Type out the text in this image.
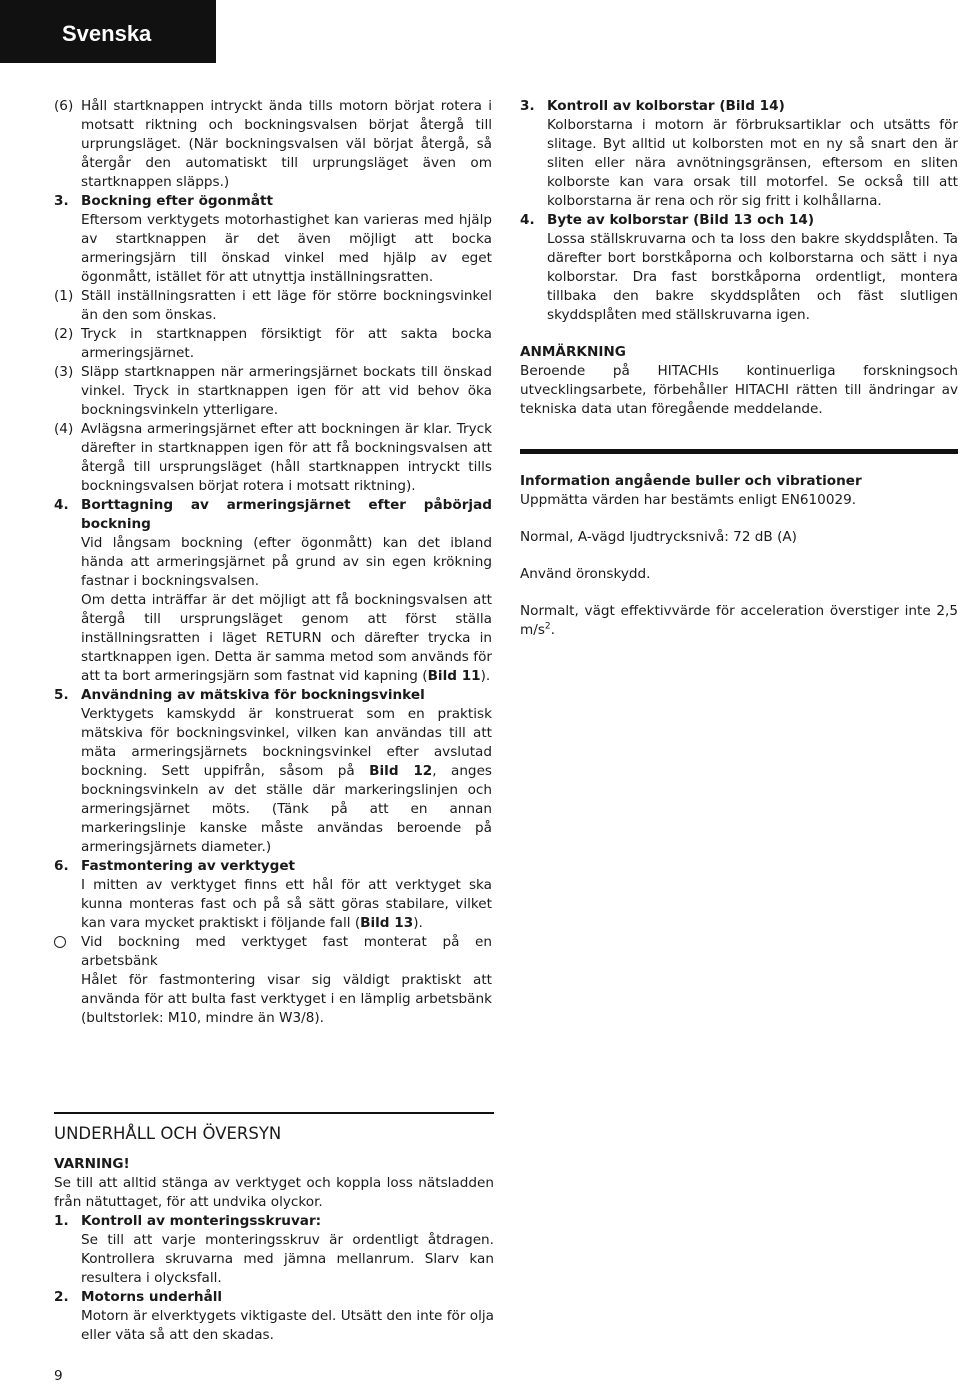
Svenska
(6) Håll startknappen intryckt ända tills motorn börjat rotera i motsatt riktning och bockningsvalsen börjat återgå till urprungsläget. (När bockningsvalsen väl börjat återgå, så återgår den automatiskt till urprungsläget även om startknappen släpps.)
3. Bockning efter ögonmått

Eftersom verktygets motorhastighet kan varieras med hjälp av startknappen är det även möjligt att bocka armeringsjärn till önskad vinkel med hjälp av eget ögonmått, istället för att utnyttja inställningsratten.

(1) Ställ inställningsratten i ett läge för större bockningsvinkel än den som önskas.
(2) Tryck in startknappen försiktigt för att sakta bocka armeringsjärnet.
(3) Släpp startknappen när armeringsjärnet bockats till önskad vinkel. Tryck in startknappen igen för att vid behov öka bockningsvinkeln ytterligare.
(4) Avlägsna armeringsjärnet efter att bockningen är klar. Tryck därefter in startknappen igen för att få bockningsvalsen att återgå till ursprungsläget (håll startknappen intryckt tills bockningsvalsen börjat rotera i motsatt riktning).
4. Borttagning av armeringsjärnet efter påbörjad bockning

Vid långsam bockning (efter ögonmått) kan det ibland hända att armeringsjärnet på grund av sin egen krökning fastnar i bockningsvalsen.

Om detta inträffar är det möjligt att få bockningsvalsen att återgå till ursprungsläget genom att först ställa inställningsratten i läget RETURN och därefter trycka in startknappen igen. Detta är samma metod som används för att ta bort armeringsjärn som fastnat vid kapning (Bild 11).

5. Användning av mätskiva för bockningsvinkel

Verktygets kamskydd är konstruerat som en praktisk mätskiva för bockningsvinkel, vilken kan användas till att mäta armeringsjärnets bockningsvinkel efter avslutad bockning. Sett uppifrån, såsom på Bild 12, anges bockningsvinkeln av det ställe där markeringslinjen och armeringsjärnet möts. (Tänk på att en annan markeringslinje kanske måste användas beroende på armeringsjärnets diameter.)

6. Fastmontering av verktyget

I mitten av verktyget finns ett hål för att verktyget ska kunna monteras fast och på så sätt göras stabilare, vilket kan vara mycket praktiskt i följande fall (Bild 13).

Vid bockning med verktyget fast monterat på en arbetsbänk

Hålet för fastmontering visar sig väldigt praktiskt att använda för att bulta fast verktyget i en lämplig arbetsbänk (bultstorlek: M10, mindre än W3/8).

UNDERHÅLL OCH ÖVERSYN
VARNING!

Se till att alltid stänga av verktyget och koppla loss nätsladden från nätuttaget, för att undvika olyckor.

1. Kontroll av monteringsskruvar:

Se till att varje monteringsskruv är ordentligt åtdragen. Kontrollera skruvarna med jämna mellanrum. Slarv kan resultera i olycksfall.

2. Motorns underhåll

Motorn är elverktygets viktigaste del. Utsätt den inte för olja eller väta så att den skadas.

3. Kontroll av kolborstar (Bild 14)

Kolborstarna i motorn är förbruksartiklar och utsätts för slitage. Byt alltid ut kolborsten mot en ny så snart den är sliten eller nära avnötningsgränsen, eftersom en sliten kolborste kan vara orsak till motorfel. Se också till att kolborstarna är rena och rör sig fritt i kolhållarna.

4. Byte av kolborstar (Bild 13 och 14)

Lossa ställskruvarna och ta loss den bakre skyddsplåten. Ta därefter bort borstkåporna och kolborstarna och sätt i nya kolborstar. Dra fast borstkåporna ordentligt, montera tillbaka den bakre skyddsplåten och fäst slutligen skyddsplåten med ställskruvarna igen.

ANMÄRKNING

Beroende på HITACHIs kontinuerliga forskningsoch utvecklingsarbete, förbehåller HITACHI rätten till ändringar av tekniska data utan föregående meddelande.

Information angående buller och vibrationer

Uppmätta värden har bestämts enligt EN610029.

Normal, A-vägd ljudtrycksnivå: 72 dB (A)

Använd öronskydd.

Normalt, vägt effektivvärde för acceleration överstiger inte 2,5 $m/s^2$.

9
